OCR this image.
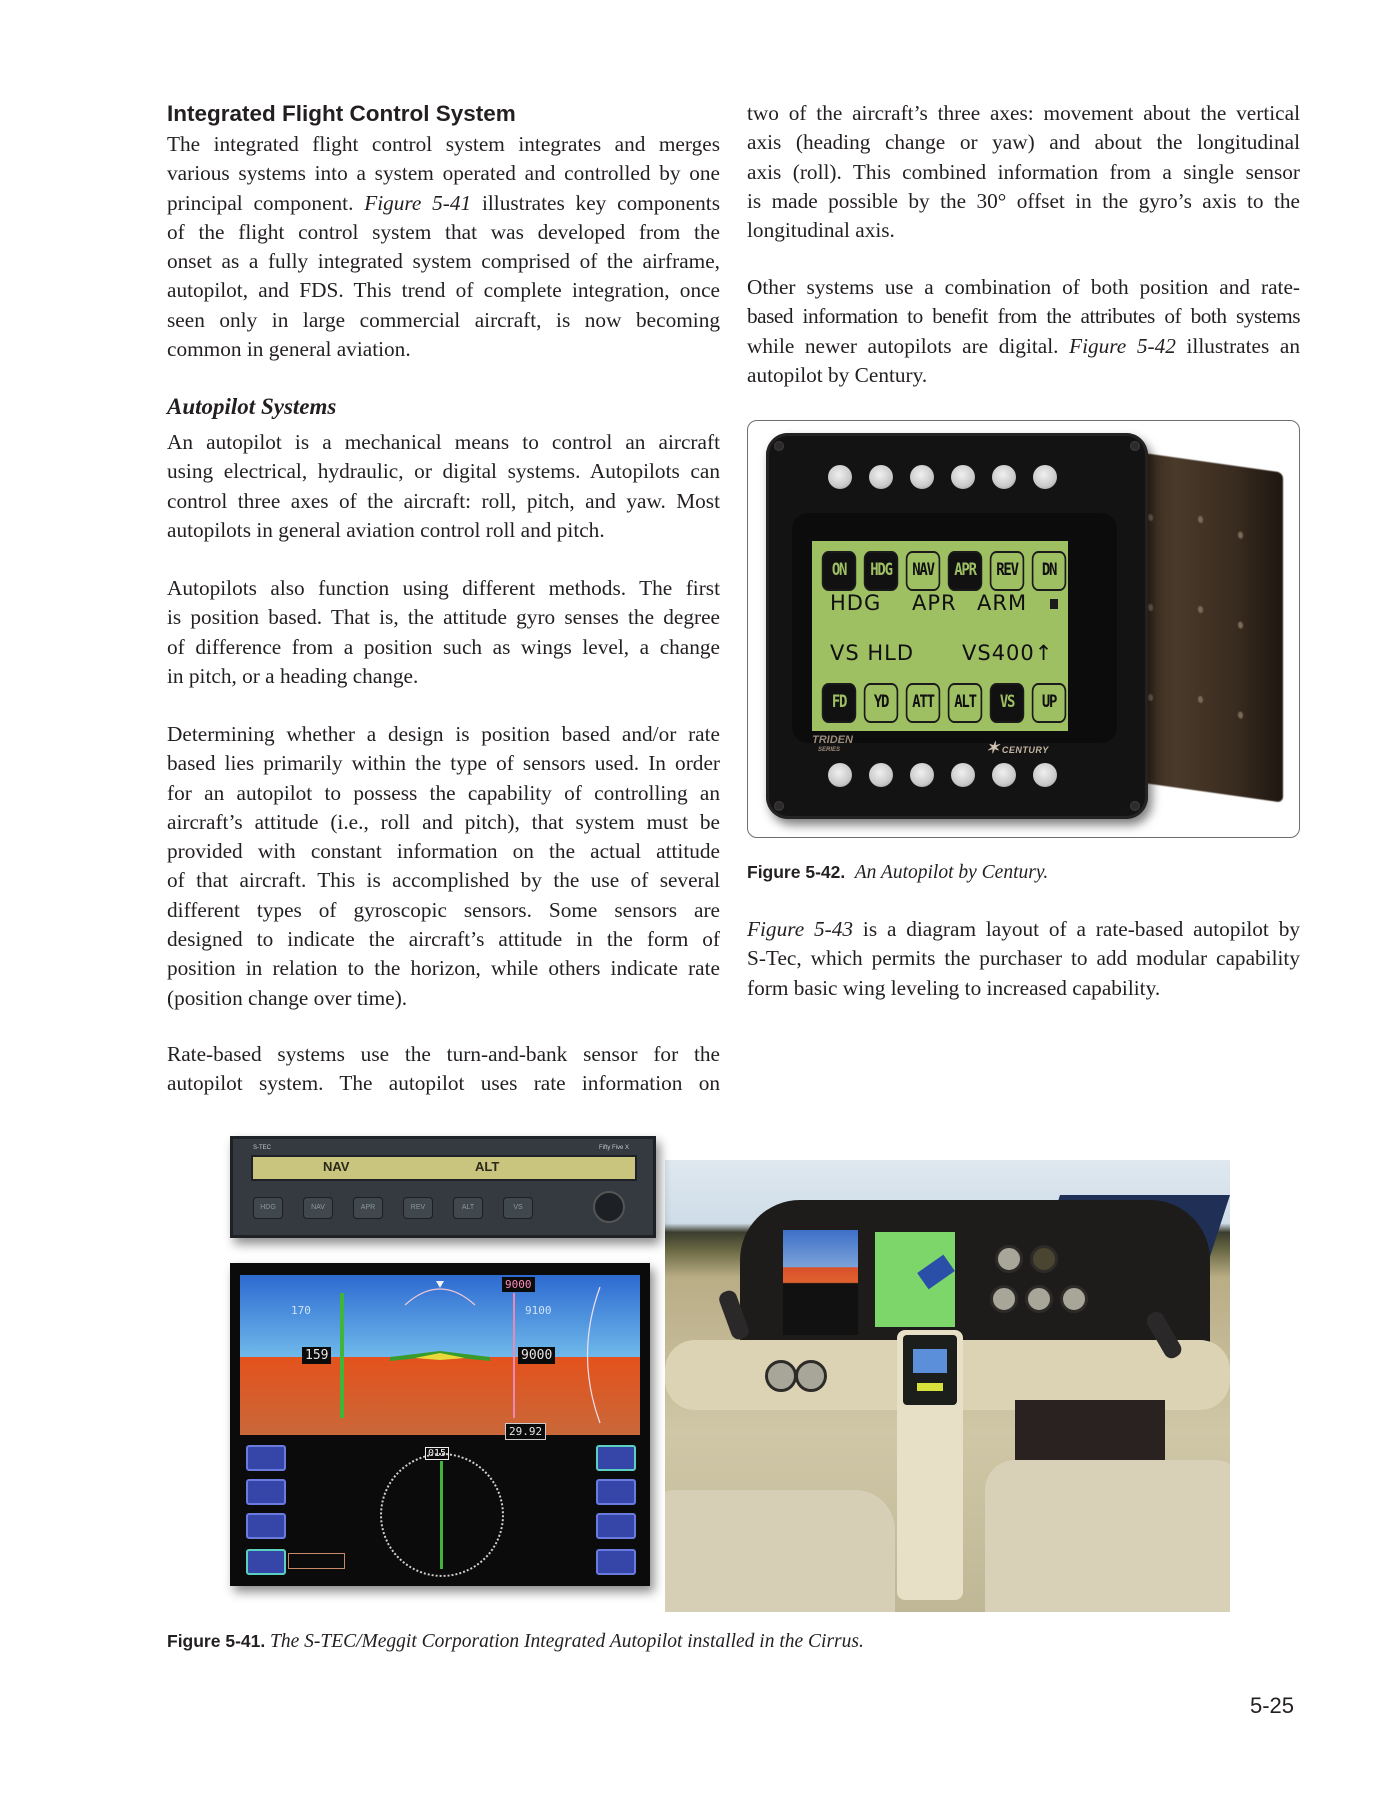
Integrated Flight Control System
The integrated flight control system integrates and merges
various systems into a system operated and controlled by one
principal component. Figure 5-41 illustrates key components
of the flight control system that was developed from the
onset as a fully integrated system comprised of the airframe,
autopilot, and FDS. This trend of complete integration, once
seen only in large commercial aircraft, is now becoming
common in general aviation.
Autopilot Systems
An autopilot is a mechanical means to control an aircraft
using electrical, hydraulic, or digital systems. Autopilots can
control three axes of the aircraft: roll, pitch, and yaw. Most
autopilots in general aviation control roll and pitch.
Autopilots also function using different methods. The first
is position based. That is, the attitude gyro senses the degree
of difference from a position such as wings level, a change
in pitch, or a heading change.
Determining whether a design is position based and/or rate
based lies primarily within the type of sensors used. In order
for an autopilot to possess the capability of controlling an
aircraft’s attitude (i.e., roll and pitch), that system must be
provided with constant information on the actual attitude
of that aircraft. This is accomplished by the use of several
different types of gyroscopic sensors. Some sensors are
designed to indicate the aircraft’s attitude in the form of
position in relation to the horizon, while others indicate rate
(position change over time).
Rate-based systems use the turn-and-bank sensor for the
autopilot system. The autopilot uses rate information on
two of the aircraft’s three axes: movement about the vertical
axis (heading change or yaw) and about the longitudinal
axis (roll). This combined information from a single sensor
is made possible by the 30° offset in the gyro’s axis to the
longitudinal axis.
Other systems use a combination of both position and rate-
based information to benefit from the attributes of both systems
while newer autopilots are digital. Figure 5-42 illustrates an
autopilot by Century.
ON	HDG	NAV	APR	REV	DN
HDG APR ARM
VS HLD VS400↑
FD	YD	ATT	ALT	VS	UP
TRIDEN
SERIES	✶ CENTURY
Figure 5-42. An Autopilot by Century.
Figure 5-43 is a diagram layout of a rate-based autopilot by
S-Tec, which permits the purchaser to add modular capability
form basic wing leveling to increased capability.
S-TEC	Fifty Five X
NAV	ALT
HDG	NAV	APR	REV	ALT	VS
170
159
9000
9100
9000
29.92
015
Figure 5-41. The S-TEC/Meggit Corporation Integrated Autopilot installed in the Cirrus.
5-25
